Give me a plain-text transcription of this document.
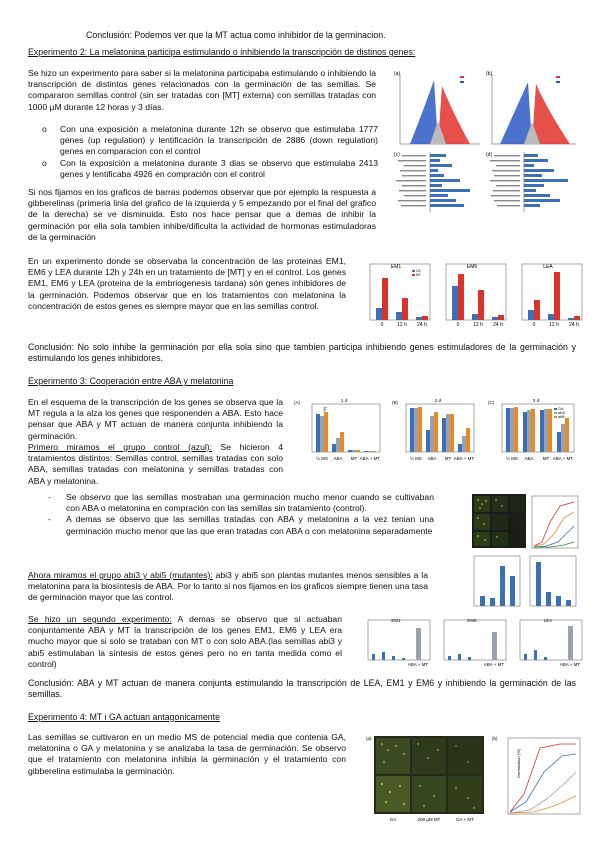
Conclusión: Podemos ver que la MT actua como inhibidor de la germinacion.

Experimento 2: La melatonina participa estimulando o inhibiendo la transcripción de distinos genes:

Se hizo un experimento para saber si la melatonina participaba estimulando o inhibiendo la transcripción de distintos genes relacionados con la germinación de las semillas. Se compararon semillas control (sin ser tratadas con [MT] externa) con semillas tratadas con 1000 µM durante 12 horas y 3 días.

o Con una exposición a melatonina durante 12h se observo que estimulaba 1777 genes (up regulation) y lentificación la transcripción de 2886 (down regulation) genes en comparacion con el control
o Con la exposición a melatonina durante 3 dias se observo que estimulaba 2413 genes y lentificaba 4926 en compración con el control

Si nos fijamos en los graficos de barras podemos observar que por ejemplo la respuesta a gibberelinas (primeria linia del grafico de la izquierda y 5 empezando por el final del grafico de la derecha) se ve disminuida. Esto nos hace pensar que a demas de inhibir la germinación por ella sola tambien inhibe/dificulta la actividad de hormonas estimuladoras de la germinación

En un experimento donde se observaba la concentración de las proteinas EM1, EM6 y LEA durante 12h y 24h en un tratamiento de [MT] y en el control. Los genes EM1, EM6 y LEA (proteina de la embriogenesis tardana) són genes inhibidores de la germinación. Podemos observar que en los tratamientos con melatonina la concentración de estos genes es siempre mayor que en las semillas control.

Conclusión: No solo inhibe la germinación por ella sola sino que tambien participa inhibiendo genes estimuladores de la germinación y estimulando los genes inhibidores.

Experimento 3: Cooperación entre ABA y melatonina

En el esquema de la transcripción de los genes se observa que la MT regula a la alza los genes que responenden a ABA. Esto hace pensar que ABA y MT actuan de manera conjunta inhibiendo la germinación.

Primero miramos el grupo control (azul): Se hicieron 4 tratamientos distintos: Semillas control, semillas tratadas con solo ABA, semillas tratadas con melatonina y semillas tratadas con ABA y melatonina.

- Se observo que las semillas mostraban una germinación mucho menor cuando se cultivaban con ABA o melatonina en compración con las semillas sin tratamiento (control).
- A demas se observo que las semillas tratadas con ABA y melatonina a la vez tenian una germinación mucho menor que las que eran tratadas con ABA o con melatonina separadamente

Ahora miramos el grupo abi3 y abi5 (mutantes): abi3 y abi5 son plantas mutantes menos sensibles a la melatonina para la biosíntesis de ABA. Por lo tanto si nos fijamos en los graficos siempre tienen una tasa de germinación mayor que las control.

Se hizo un segundo experimento: A demas se observo que si actuaban conjuntamente ABA y MT la transcripción de los genes EM1, EM6 y LEA era mucho mayor que si solo se trataban con MT o con solo ABA.(las semillas abi3 y abi5 estimulaban la síntesis de estos genes pero no en tanta medida como el control)

Conclusión: ABA y MT actuan de manera conjunta estimulando la transcripción de LEA, EM1 y EM6 y inhibiendo la germinación de las semillas.

Experimento 4: MT i GA actuan antagonicamente

Las semillas se cultivaron en un medio MS de potencial media que contenia GA, melatonina o GA y melatonina y se analizaba la tasa de germinación. Se observo que el tratamiento con melatonina inhibia la germinación y el tratamiento con gibberelina estimulaba la germinación.

(a)	(b)
(c)	(d)
EM1
0	12 h 24 h
CK
MT
EM6
0	12 h 24 h
LEA
0	12 h 24 h
(A)
(%)
1 d
½ MS ABA MT ABA + MT
(B)	2 d
½ MS ABA MT ABA + MT
(C)	3 d
Col
abi3
abi5
½ MS ABA MT ABA + MT
EM1
ABA + MT
EM6
ABA + MT
LEA
ABA + MT
(a)
GA	200 µM MT	GA + MT
(b)
Germination (%)
